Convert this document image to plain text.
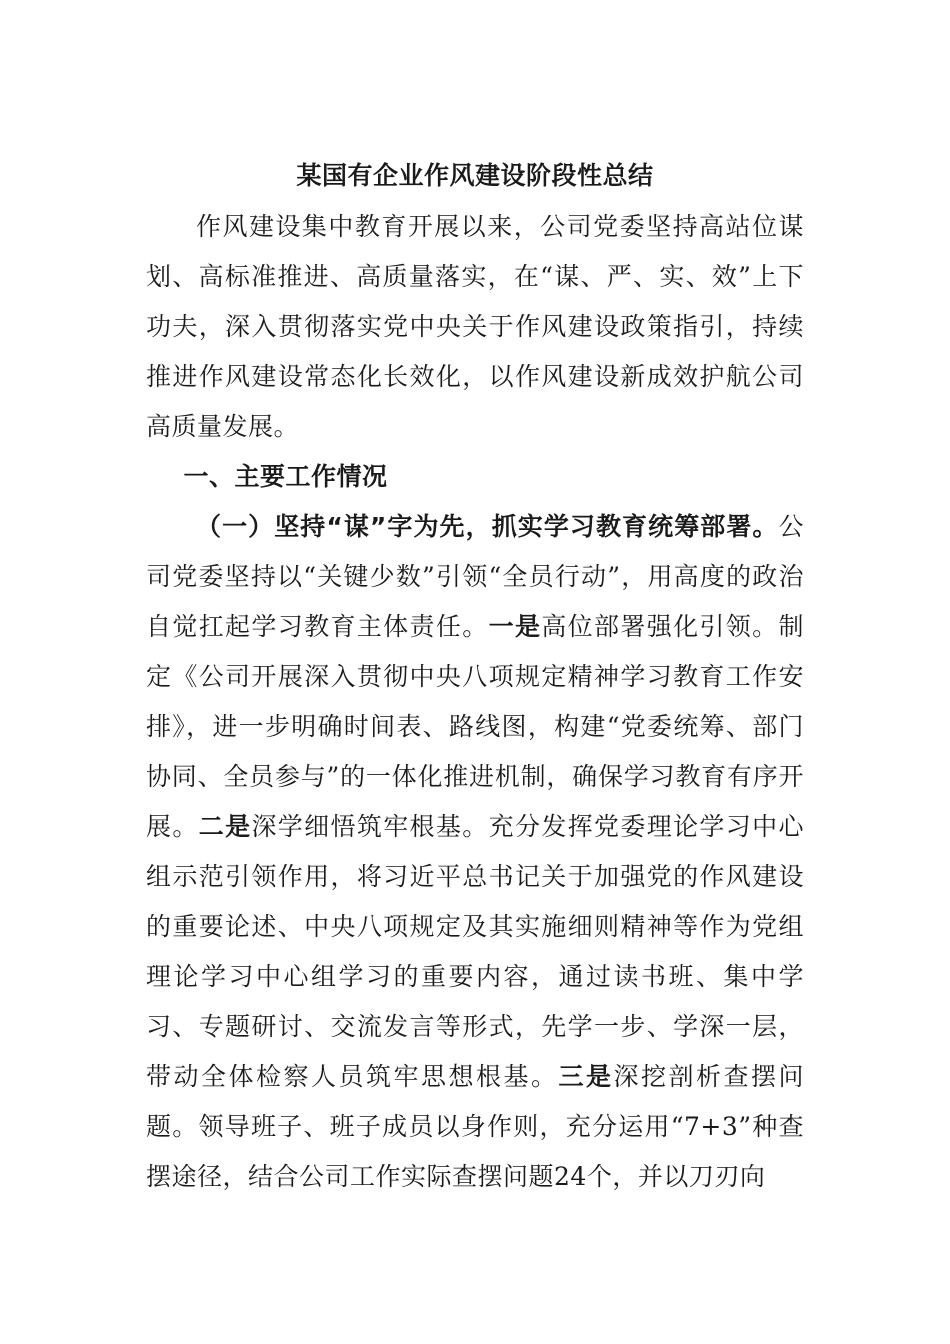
某国有企业作风建设阶段性总结

作风建设集中教育开展以来，公司党委坚持高站位谋划、高标准推进、高质量落实，在“谋、严、实、效”上下功夫，深入贯彻落实党中央关于作风建设政策指引，持续推进作风建设常态化长效化，以作风建设新成效护航公司高质量发展。

一、主要工作情况

（一）坚持“谋”字为先，抓实学习教育统筹部署。公司党委坚持以“关键少数”引领“全员行动”，用高度的政治自觉扛起学习教育主体责任。一是高位部署强化引领。制定《公司开展深入贯彻中央八项规定精神学习教育工作安排》，进一步明确时间表、路线图，构建“党委统筹、部门协同、全员参与”的一体化推进机制，确保学习教育有序开展。二是深学细悟筑牢根基。充分发挥党委理论学习中心组示范引领作用，将习近平总书记关于加强党的作风建设的重要论述、中央八项规定及其实施细则精神等作为党组理论学习中心组学习的重要内容，通过读书班、集中学习、专题研讨、交流发言等形式，先学一步、学深一层，带动全体检察人员筑牢思想根基。三是深挖剖析查摆问题。领导班子、班子成员以身作则，充分运用“7+3”种查摆途径，结合公司工作实际查摆问题24个，并以刀刃向
